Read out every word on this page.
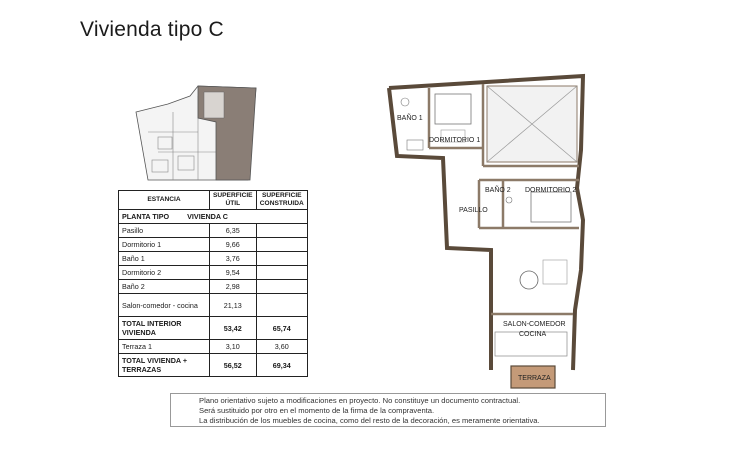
Vivienda tipo C
ESTANCIA	SUPERFICIE ÚTIL	SUPERFICIE CONSTRUIDA
PLANTA TIPO VIVIENDA C		
Pasillo	6,35	
Dormitorio 1	9,66	
Baño 1	3,76	
Dormitorio 2	9,54	
Baño 2	2,98	
Salon-comedor - cocina	21,13	
TOTAL INTERIOR VIVIENDA	53,42	65,74
Terraza 1	3,10	3,60
TOTAL VIVIENDA + TERRAZAS	56,52	69,34
BAÑO 1
DORMITORIO 1
BAÑO 2 DORMITORIO 2
PASILLO
SALON-COMEDOR
COCINA
TERRAZA
Plano orientativo sujeto a modificaciones en proyecto. No constituye un documento contractual.
Será sustituido por otro en el momento de la firma de la compraventa.
La distribución de los muebles de cocina, como del resto de la decoración, es meramente orientativa.
